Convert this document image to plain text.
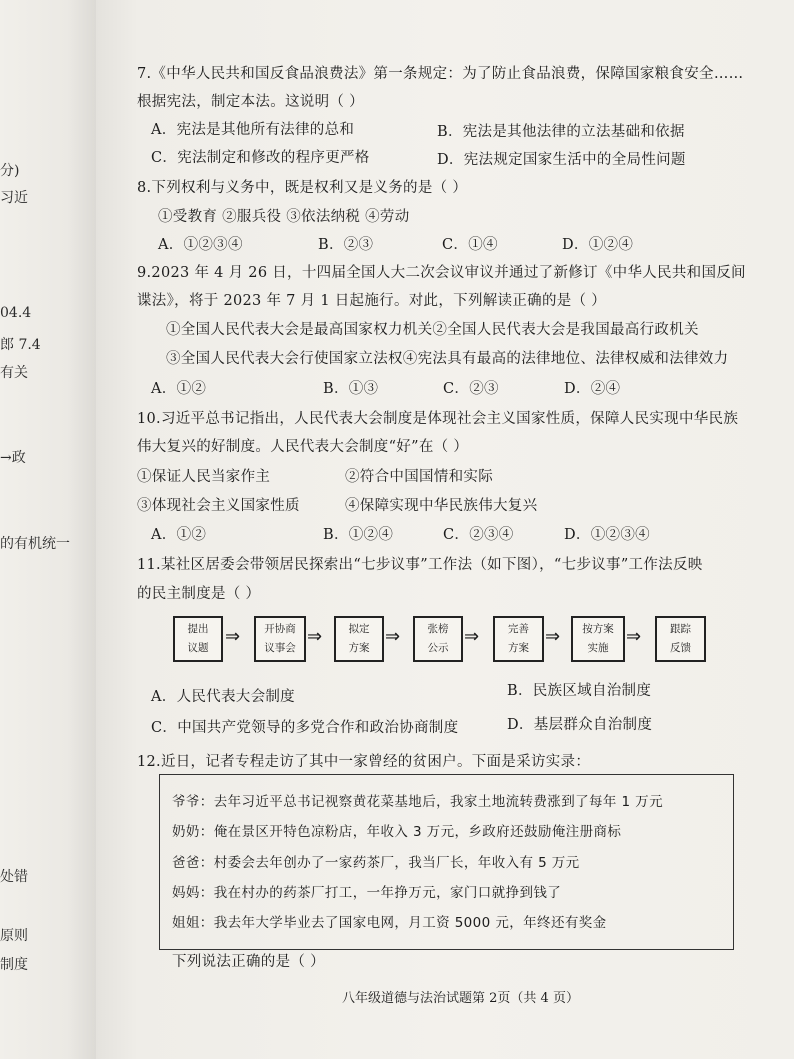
分)
习近
04.4
郎 7.4
有关
→政
的有机统一
处错
原则
制度
7.《中华人民共和国反食品浪费法》第一条规定：为了防止食品浪费，保障国家粮食安全……
根据宪法，制定本法。这说明（ ）
A．宪法是其他所有法律的总和	B．宪法是其他法律的立法基础和依据
C．宪法制定和修改的程序更严格	D．宪法规定国家生活中的全局性问题
8.下列权利与义务中，既是权利又是义务的是（ ）
①受教育 ②服兵役 ③依法纳税 ④劳动
A．①②③④	B．②③	C．①④	D．①②④
9.2023 年 4 月 26 日，十四届全国人大二次会议审议并通过了新修订《中华人民共和国反间
谍法》，将于 2023 年 7 月 1 日起施行。对此，下列解读正确的是（ ）
①全国人民代表大会是最高国家权力机关②全国人民代表大会是我国最高行政机关
③全国人民代表大会行使国家立法权④宪法具有最高的法律地位、法律权威和法律效力
A．①②	B．①③	C．②③	D．②④
10.习近平总书记指出，人民代表大会制度是体现社会主义国家性质，保障人民实现中华民族
伟大复兴的好制度。人民代表大会制度“好”在（ ）
①保证人民当家作主	②符合中国国情和实际
③体现社会主义国家性质	④保障实现中华民族伟大复兴
A．①②	B．①②④	C．②③④	D．①②③④
11.某社区居委会带领居民探索出“七步议事”工作法（如下图），“七步议事”工作法反映
的民主制度是（ ）
提出
议题
⇒ 开协商
议事会
⇒	拟定
方案
⇒	张榜
公示
⇒	完善
方案
⇒ 按方案
实施
⇒	跟踪
反馈
A．人民代表大会制度	B．民族区域自治制度
C．中国共产党领导的多党合作和政治协商制度	D．基层群众自治制度
12.近日，记者专程走访了其中一家曾经的贫困户。下面是采访实录：
爷爷：去年习近平总书记视察黄花菜基地后，我家土地流转费涨到了每年 1 万元
奶奶：俺在景区开特色凉粉店，年收入 3 万元，乡政府还鼓励俺注册商标
爸爸：村委会去年创办了一家药茶厂，我当厂长，年收入有 5 万元
妈妈：我在村办的药茶厂打工，一年挣万元，家门口就挣到钱了
姐姐：我去年大学毕业去了国家电网，月工资 5000 元，年终还有奖金
下列说法正确的是（ ）
八年级道德与法治试题第 2页（共 4 页）
